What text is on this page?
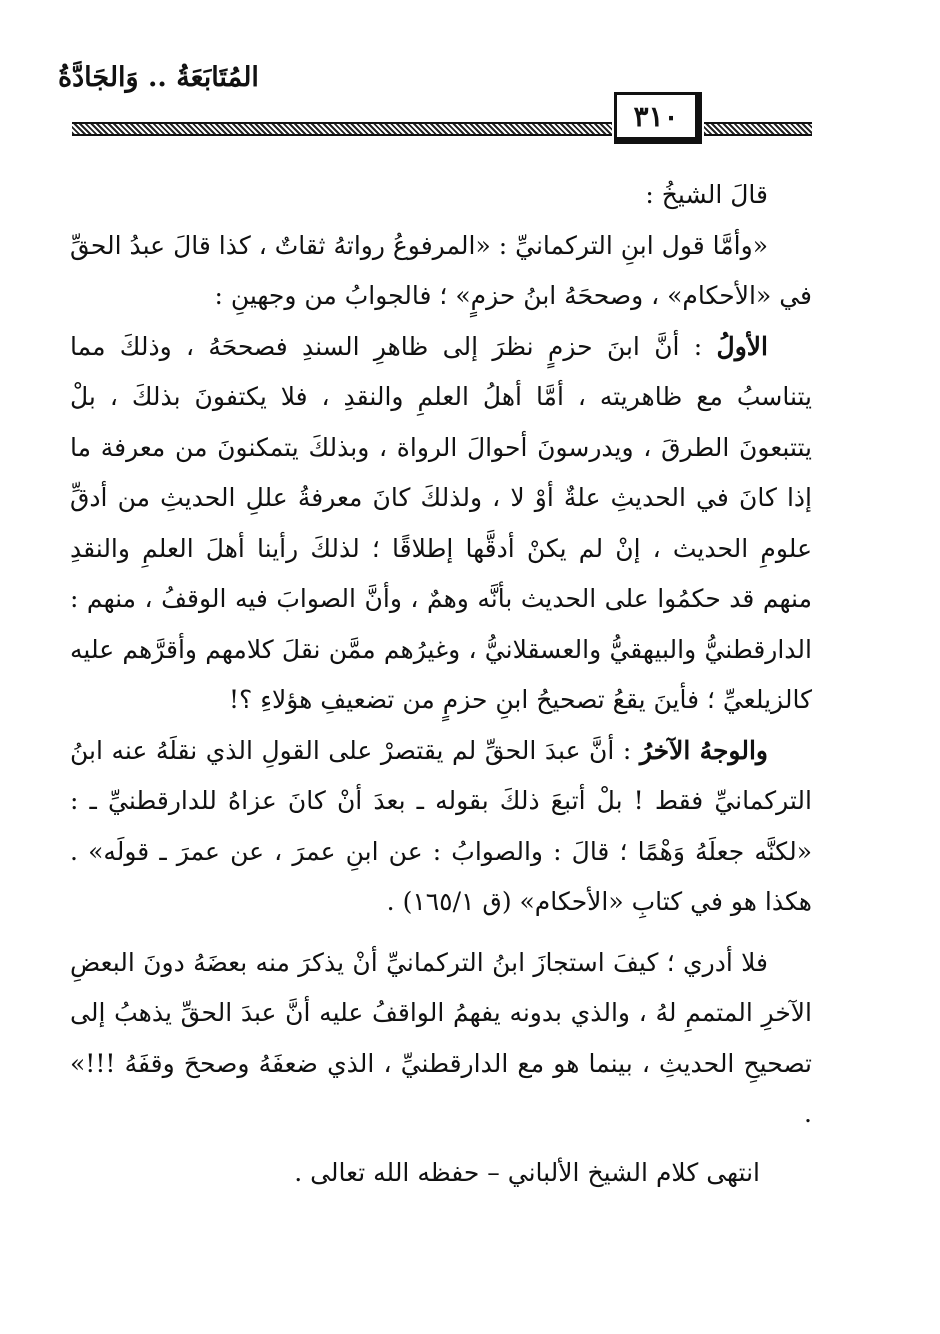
المُتَابَعَةُ .. وَالجَادَّةُ
٣١٠

قالَ الشيخُ :

«وأمَّا قول ابنِ التركمانيِّ : «المرفوعُ رواتهُ ثقاتٌ ، كذا قالَ عبدُ الحقِّ في «الأحكام» ، وصححَهُ ابنُ حزمٍ» ؛ فالجوابُ من وجهينِ :

الأولُ : أنَّ ابنَ حزمٍ نظرَ إلى ظاهرِ السندِ فصححَهُ ، وذلكَ مما يتناسبُ مع ظاهريته ، أمَّا أهلُ العلمِ والنقدِ ، فلا يكتفونَ بذلكَ ، بلْ يتتبعونَ الطرقَ ، ويدرسونَ أحوالَ الرواة ، وبذلكَ يتمكنونَ من معرفة ما إذا كانَ في الحديثِ علةٌ أوْ لا ، ولذلكَ كانَ معرفةُ عللِ الحديثِ من أدقِّ علومِ الحديث ، إنْ لم يكنْ أدقَّها إطلاقًا ؛ لذلكَ رأينا أهلَ العلمِ والنقدِ منهم قد حكمُوا على الحديث بأنَّه وهمٌ ، وأنَّ الصوابَ فيه الوقفُ ، منهم : الدارقطنيُّ والبيهقيُّ والعسقلانيُّ ، وغيرُهم ممَّن نقلَ كلامهم وأقرَّهم عليه كالزيلعيِّ ؛ فأينَ يقعُ تصحيحُ ابنِ حزمٍ من تضعيفِ هؤلاءِ ؟!

والوجهُ الآخرُ : أنَّ عبدَ الحقِّ لم يقتصرْ على القولِ الذي نقلَهُ عنه ابنُ التركمانيِّ فقط ! بلْ أتبعَ ذلكَ بقوله ـ بعدَ أنْ كانَ عزاهُ للدارقطنيِّ ـ : «لكنَّه جعلَهُ وَهْمًا ؛ قالَ : والصوابُ : عن ابنِ عمرَ ، عن عمرَ ـ قولَه» . هكذا هو في كتابِ «الأحكام» (ق ١٦٥/١) .

فلا أدري ؛ كيفَ استجازَ ابنُ التركمانيِّ أنْ يذكرَ منه بعضَهُ دونَ البعضِ الآخرِ المتممِ لهُ ، والذي بدونه يفهمُ الواقفُ عليه أنَّ عبدَ الحقِّ يذهبُ إلى تصحيحِ الحديثِ ، بينما هو مع الدارقطنيِّ ، الذي ضعفَهُ وصححَ وقفَهُ !!!» .

انتهى كلام الشيخ الألباني – حفظه الله تعالى .
